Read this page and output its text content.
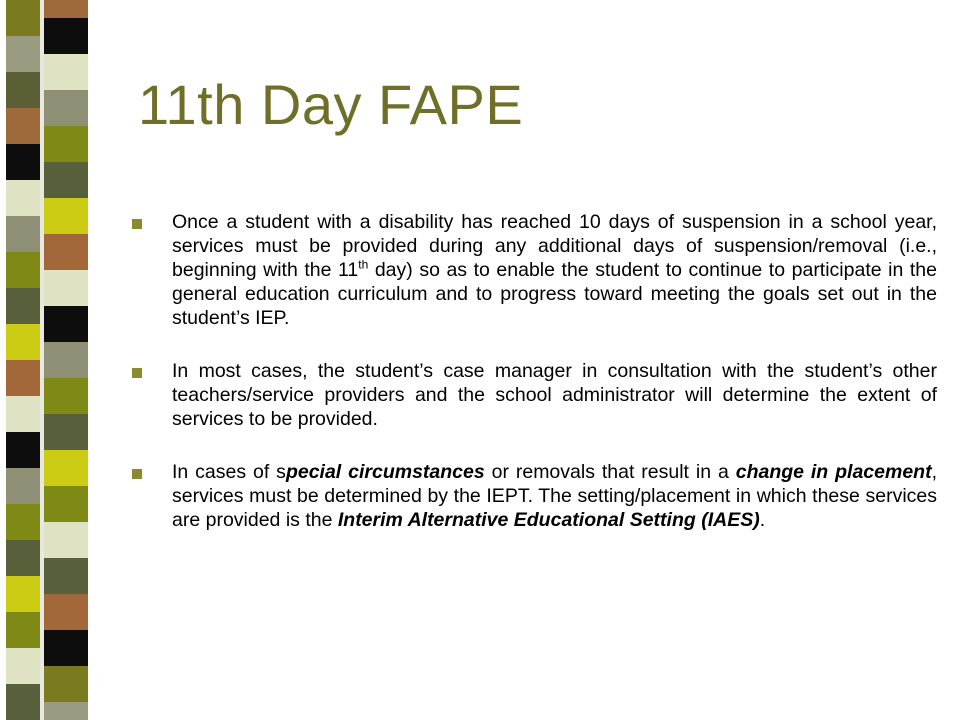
11th Day FAPE
Once a student with a disability has reached 10 days of suspension in a school year, services must be provided during any additional days of suspension/removal (i.e., beginning with the 11th day) so as to enable the student to continue to participate in the general education curriculum and to progress toward meeting the goals set out in the student’s IEP.
In most cases, the student’s case manager in consultation with the student’s other teachers/service providers and the school administrator will determine the extent of services to be provided.
In cases of special circumstances or removals that result in a change in placement, services must be determined by the IEPT. The setting/placement in which these services are provided is the Interim Alternative Educational Setting (IAES).
